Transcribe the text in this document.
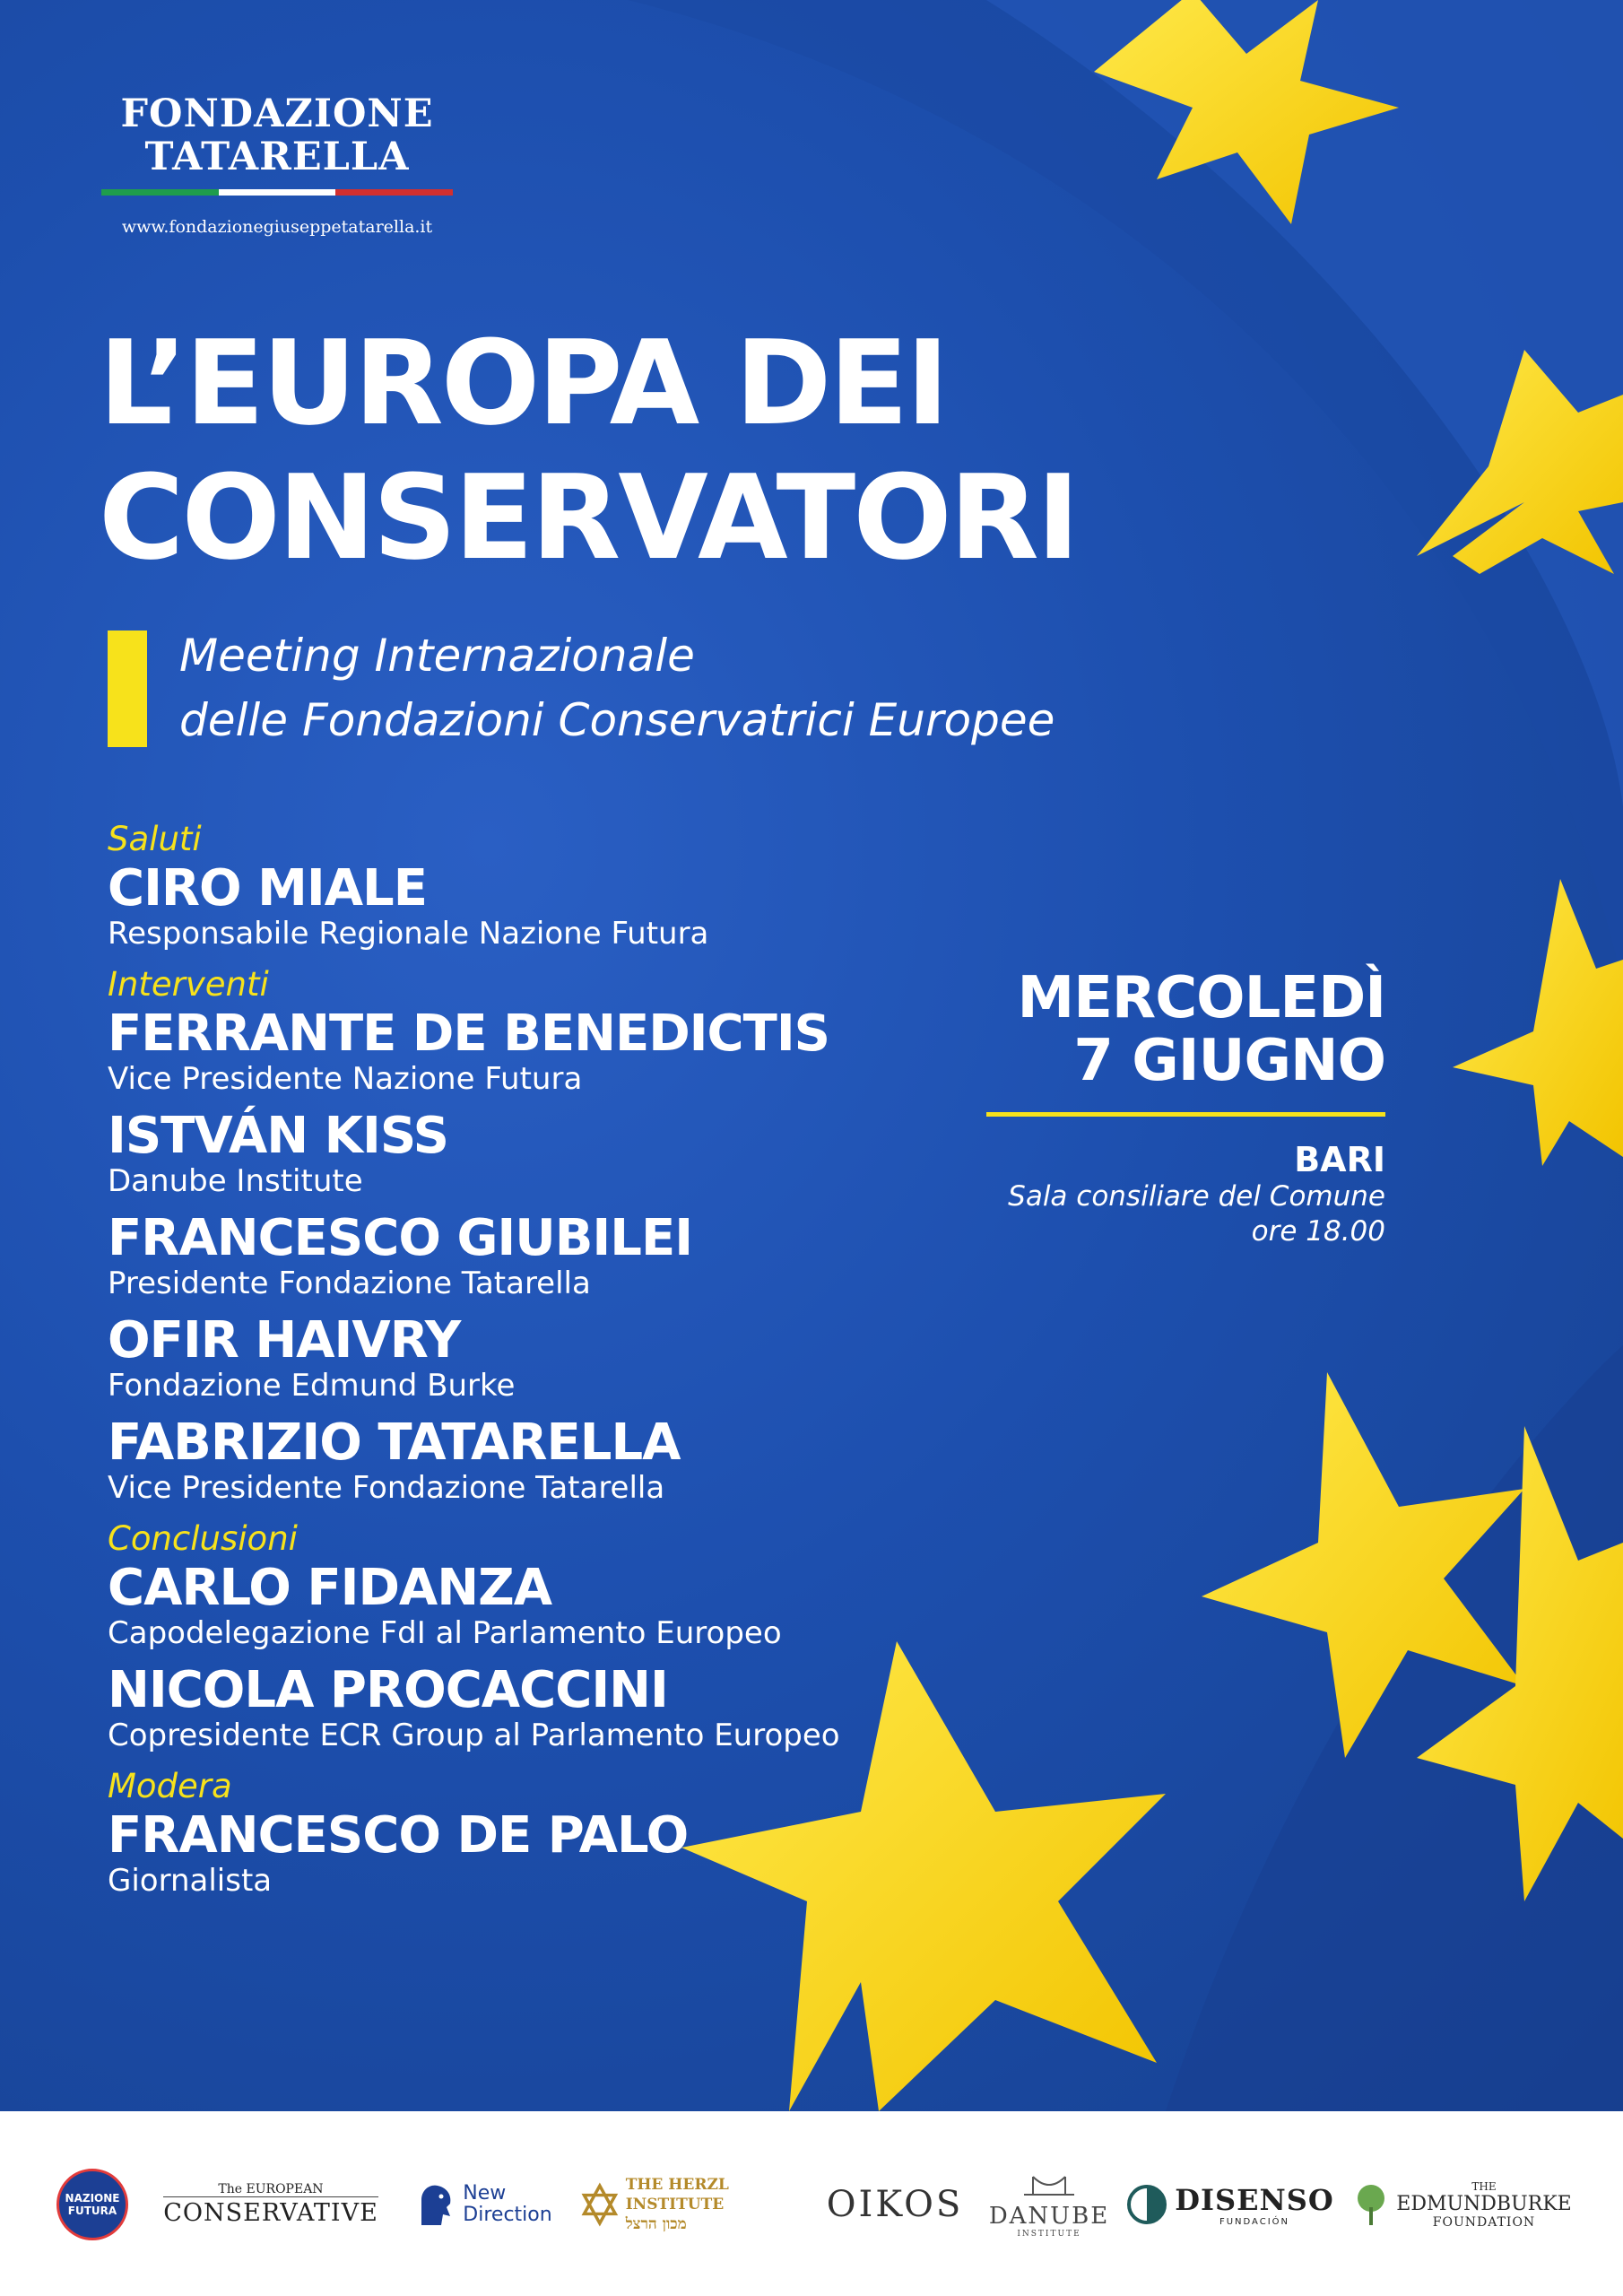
FONDAZIONE
TATARELLA
www.fondazionegiuseppetatarella.it
L’EUROPA DEI
CONSERVATORI
Meeting Internazionale
delle Fondazioni Conservatrici Europee
Saluti
CIRO MIALE
Responsabile Regionale Nazione Futura
Interventi
FERRANTE DE BENEDICTIS
Vice Presidente Nazione Futura
ISTVÁN KISS
Danube Institute
FRANCESCO GIUBILEI
Presidente Fondazione Tatarella
OFIR HAIVRY
Fondazione Edmund Burke
FABRIZIO TATARELLA
Vice Presidente Fondazione Tatarella
Conclusioni
CARLO FIDANZA
Capodelegazione FdI al Parlamento Europeo
NICOLA PROCACCINI
Copresidente ECR Group al Parlamento Europeo
Modera
FRANCESCO DE PALO
Giornalista
MERCOLEDÌ
7 GIUGNO
BARI
Sala consiliare del Comune
ore 18.00
NAZIONE FUTURA
The EUROPEAN
CONSERVATIVE
New
Direction
THE HERZL INSTITUTE
מכון הרצל	OIKOS DANUBE
INSTITUTE
DISENSO
FUNDACIÓN
THE
EDMUNDBURKE
FOUNDATION
